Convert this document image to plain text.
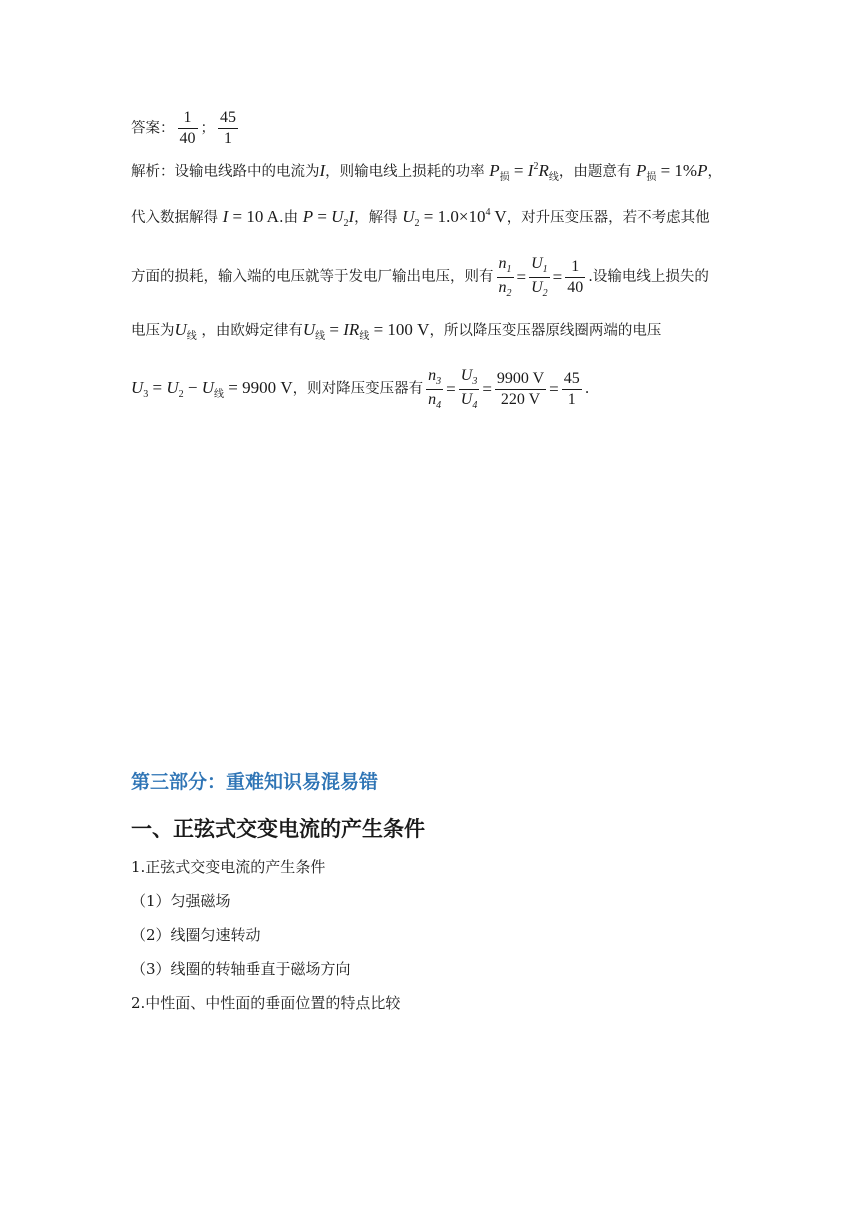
答案： $\frac{1}{40}$ ； $\frac{45}{1}$
解析：设输电线路中的电流为I，则输电线上损耗的功率 $P_损 = I^2R_线$，由题意有 $P_损 = 1\%P$，
代入数据解得 I = 10 A.由 $P = U_2I$，解得 $U_2 = 1.0\times 10^4$ V，对升压变压器，若不考虑其他
方面的损耗，输入端的电压就等于发电厂输出电压，则有 $\frac{n_1}{n_2} = \frac{U_1}{U_2} = \frac{1}{40}$ .设输电线上损失的
电压为$U_线$ ，由欧姆定律有$U_线 = IR_线 = 100$ V，所以降压变压器原线圈两端的电压
$U_3 = U_2 - U_线 = 9900$ V，则对降压变压器有 $\frac{n_3}{n_4} = \frac{U_3}{U_4} = \frac{9900 V}{220 V} = \frac{45}{1}$ .
第三部分：重难知识易混易错
一、正弦式交变电流的产生条件
1.正弦式交变电流的产生条件
（1）匀强磁场
（2）线圈匀速转动
（3）线圈的转轴垂直于磁场方向
2.中性面、中性面的垂面位置的特点比较
